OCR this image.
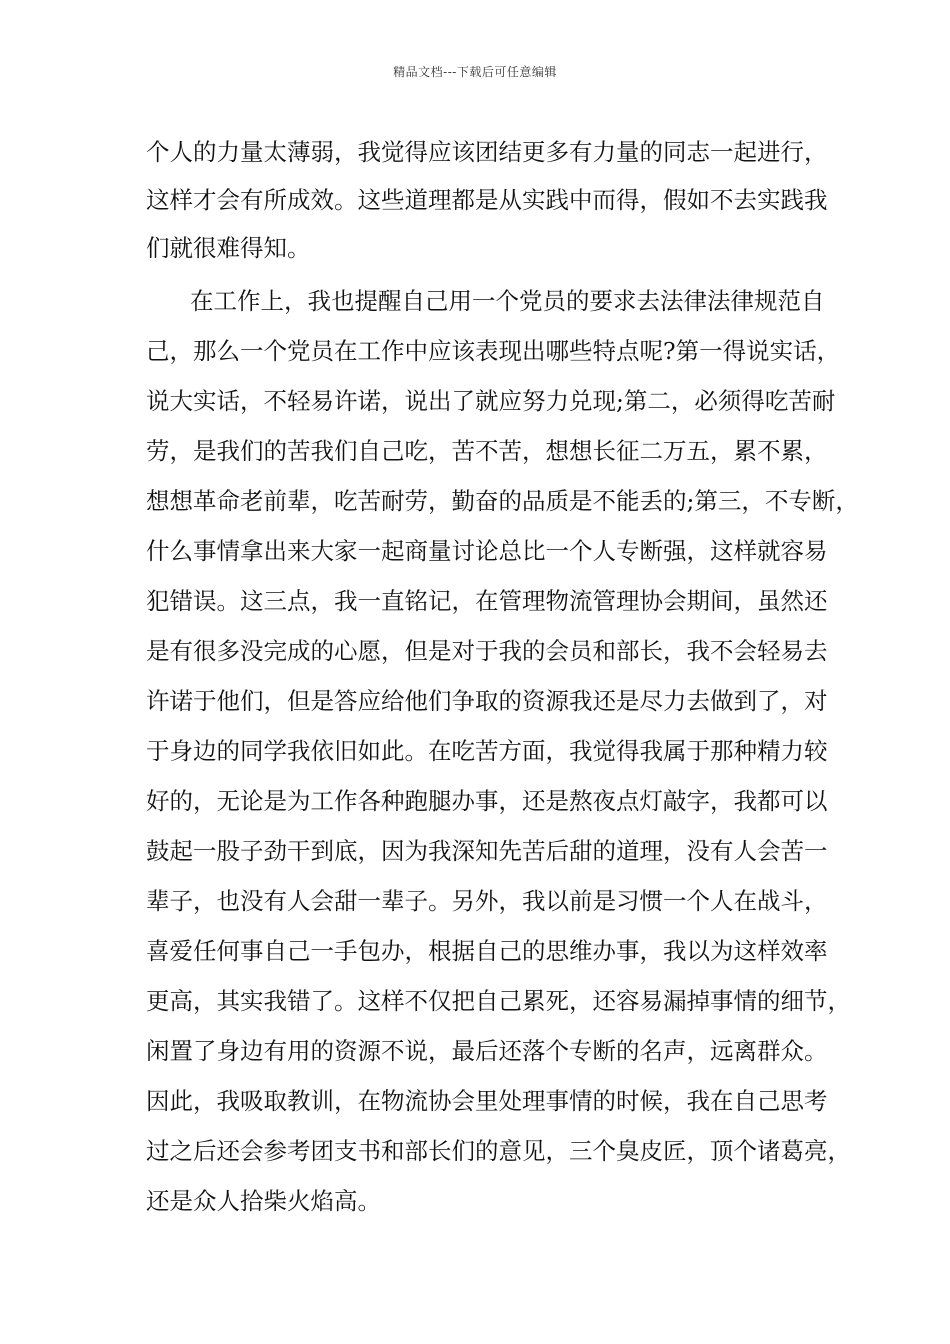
精品文档---下载后可任意编辑
个人的力量太薄弱，我觉得应该团结更多有力量的同志一起进行，
这样才会有所成效。这些道理都是从实践中而得，假如不去实践我
们就很难得知。
在工作上，我也提醒自己用一个党员的要求去法律法律规范自
己，那么一个党员在工作中应该表现出哪些特点呢?第一得说实话，
说大实话，不轻易许诺，说出了就应努力兑现;第二，必须得吃苦耐
劳，是我们的苦我们自己吃，苦不苦，想想长征二万五，累不累，
想想革命老前辈，吃苦耐劳，勤奋的品质是不能丢的;第三，不专断，
什么事情拿出来大家一起商量讨论总比一个人专断强，这样就容易
犯错误。这三点，我一直铭记，在管理物流管理协会期间，虽然还
是有很多没完成的心愿，但是对于我的会员和部长，我不会轻易去
许诺于他们，但是答应给他们争取的资源我还是尽力去做到了，对
于身边的同学我依旧如此。在吃苦方面，我觉得我属于那种精力较
好的，无论是为工作各种跑腿办事，还是熬夜点灯敲字，我都可以
鼓起一股子劲干到底，因为我深知先苦后甜的道理，没有人会苦一
辈子，也没有人会甜一辈子。另外，我以前是习惯一个人在战斗，
喜爱任何事自己一手包办，根据自己的思维办事，我以为这样效率
更高，其实我错了。这样不仅把自己累死，还容易漏掉事情的细节，
闲置了身边有用的资源不说，最后还落个专断的名声，远离群众。
因此，我吸取教训，在物流协会里处理事情的时候，我在自己思考
过之后还会参考团支书和部长们的意见，三个臭皮匠，顶个诸葛亮，
还是众人拾柴火焰高。
